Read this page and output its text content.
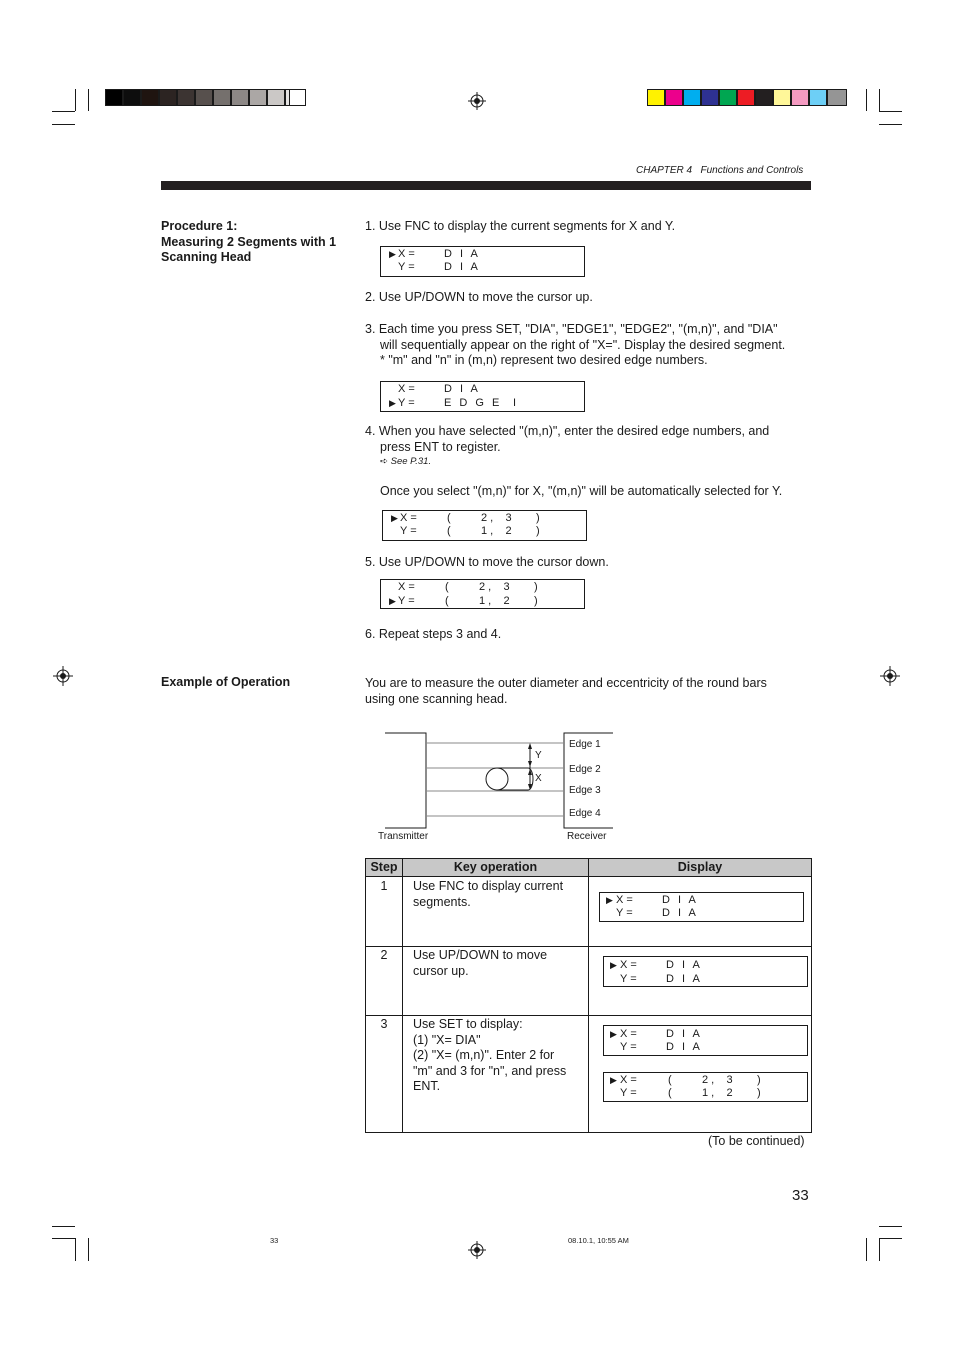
CHAPTER 4 Functions and Controls
Procedure 1:
Measuring 2 Segments with 1
Scanning Head
1. Use FNC to display the current segments for X and Y.
▶ X =	D I A
Y =	D I A
2. Use UP/DOWN to move the cursor up.
3. Each time you press SET, "DIA", "EDGE1", "EDGE2", "(m,n)", and "DIA"
will sequentially appear on the right of "X=". Display the desired segment.
* "m" and "n" in (m,n) represent two desired edge numbers.
X =	D I A
▶ Y =	E D G E  I
4. When you have selected "(m,n)", enter the desired edge numbers, and
press ENT to register.
➪ See P.31.
Once you select "(m,n)" for X, "(m,n)" will be automatically selected for Y.
▶ X =	(	2 ,    3 )
Y =	(	1 ,    2 )
5. Use UP/DOWN to move the cursor down.
X =	(	2 ,    3 )
▶ Y =	(	1 ,    2 )
6. Repeat steps 3 and 4.
Example of Operation	You are to measure the outer diameter and eccentricity of the round bars
using one scanning head.
Y
X
Edge 1
Edge 2
Edge 3
Edge 4
Transmitter	Receiver
Step	Key operation	Display
1	Use FNC to display current
segments.	▶ X =	D I A
Y =	D I A
2	Use UP/DOWN to move
cursor up.	▶ X =	D I A
Y =	D I A
3	Use SET to display:
(1) "X= DIA"
(2) "X= (m,n)". Enter 2 for
"m" and 3 for "n", and press
ENT.
▶ X =	D I A
Y =	D I A
▶ X =	(	2 ,    3 )
Y =	(	1 ,    2 )
(To be continued)
33
33	08.10.1, 10:55 AM
